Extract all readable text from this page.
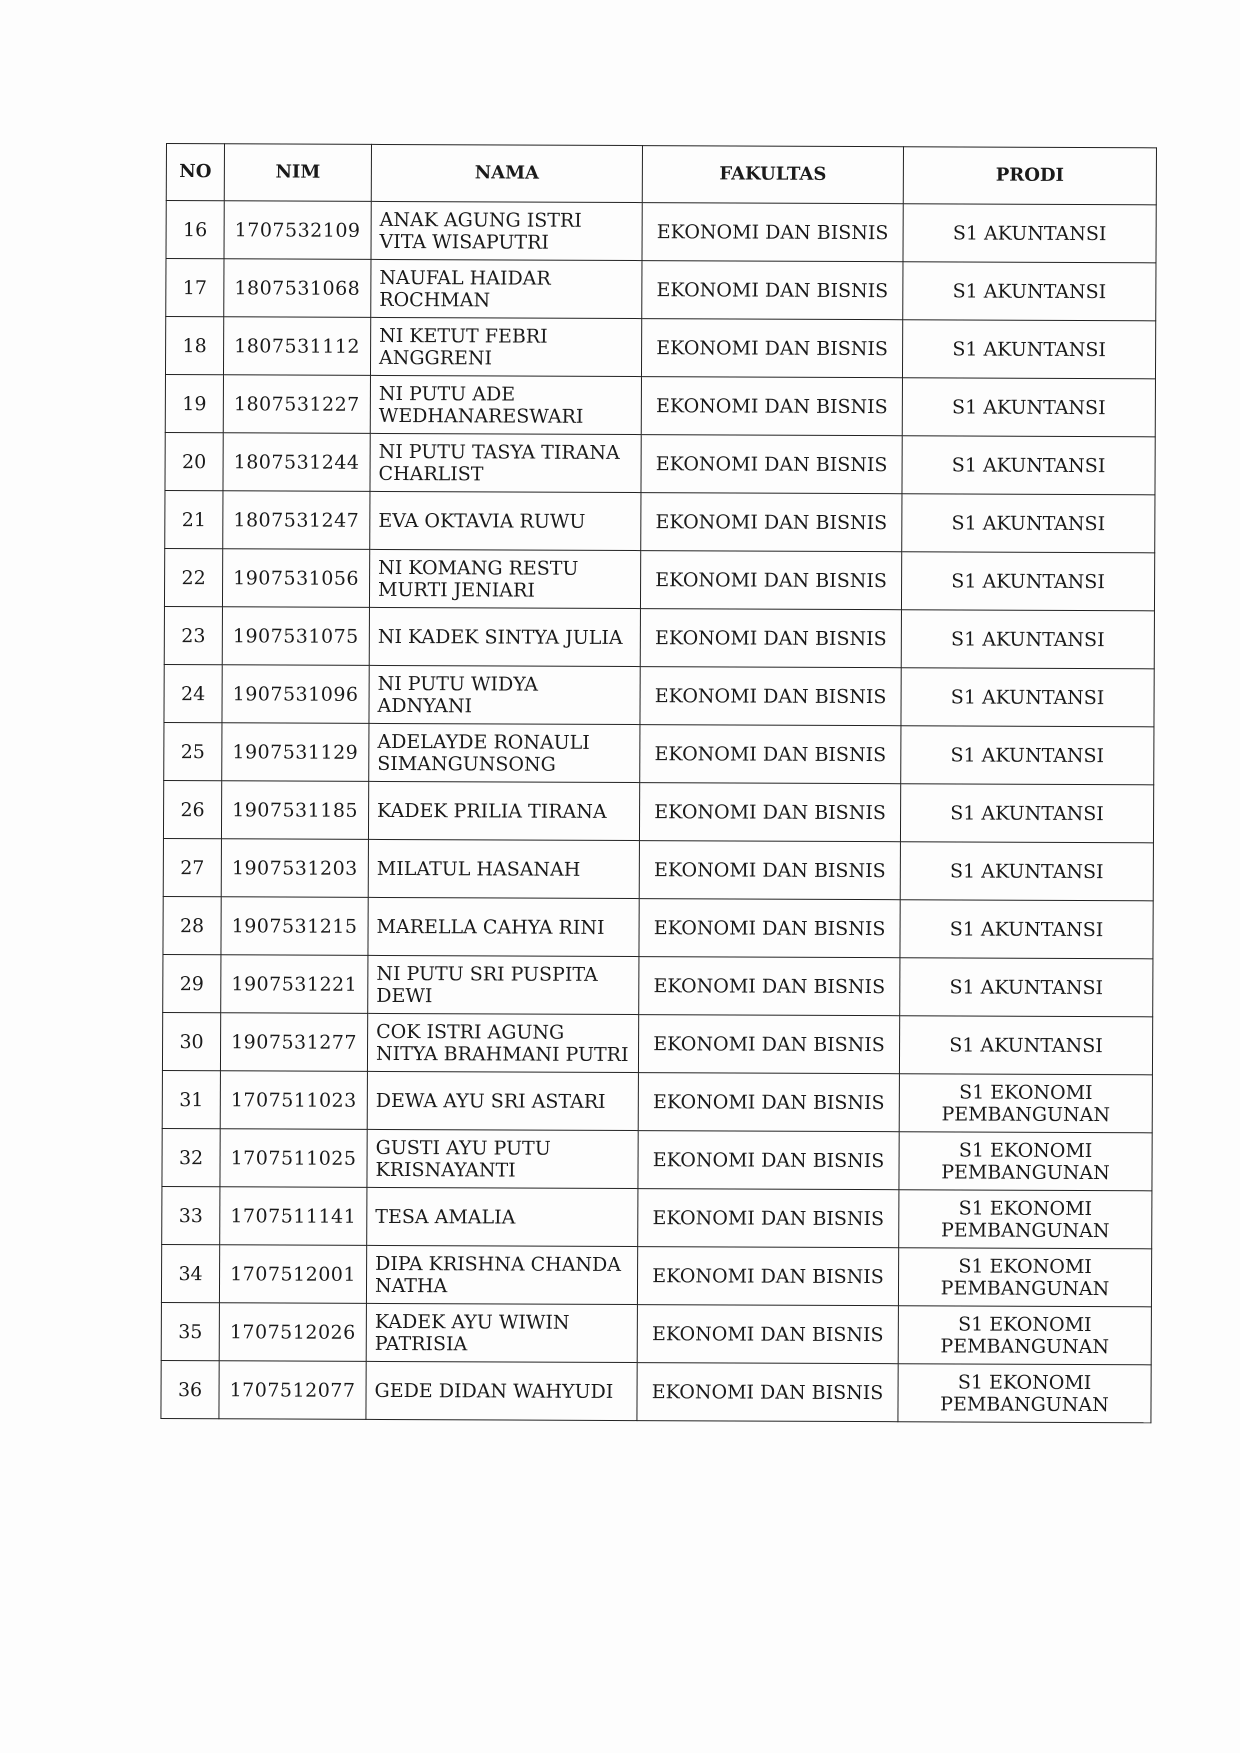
NO	NIM	NAMA	FAKULTAS	PRODI
16	1707532109	ANAK AGUNG ISTRI VITA WISAPUTRI	EKONOMI DAN BISNIS	S1 AKUNTANSI
17	1807531068	NAUFAL HAIDAR ROCHMAN	EKONOMI DAN BISNIS	S1 AKUNTANSI
18	1807531112	NI KETUT FEBRI ANGGRENI	EKONOMI DAN BISNIS	S1 AKUNTANSI
19	1807531227	NI PUTU ADE WEDHANARESWARI	EKONOMI DAN BISNIS	S1 AKUNTANSI
20	1807531244	NI PUTU TASYA TIRANA CHARLIST	EKONOMI DAN BISNIS	S1 AKUNTANSI
21	1807531247	EVA OKTAVIA RUWU	EKONOMI DAN BISNIS	S1 AKUNTANSI
22	1907531056	NI KOMANG RESTU MURTI JENIARI	EKONOMI DAN BISNIS	S1 AKUNTANSI
23	1907531075	NI KADEK SINTYA JULIA	EKONOMI DAN BISNIS	S1 AKUNTANSI
24	1907531096	NI PUTU WIDYA ADNYANI	EKONOMI DAN BISNIS	S1 AKUNTANSI
25	1907531129	ADELAYDE RONAULI SIMANGUNSONG	EKONOMI DAN BISNIS	S1 AKUNTANSI
26	1907531185	KADEK PRILIA TIRANA	EKONOMI DAN BISNIS	S1 AKUNTANSI
27	1907531203	MILATUL HASANAH	EKONOMI DAN BISNIS	S1 AKUNTANSI
28	1907531215	MARELLA CAHYA RINI	EKONOMI DAN BISNIS	S1 AKUNTANSI
29	1907531221	NI PUTU SRI PUSPITA DEWI	EKONOMI DAN BISNIS	S1 AKUNTANSI
30	1907531277	COK ISTRI AGUNG NITYA BRAHMANI PUTRI	EKONOMI DAN BISNIS	S1 AKUNTANSI
31	1707511023	DEWA AYU SRI ASTARI	EKONOMI DAN BISNIS	S1 EKONOMI PEMBANGUNAN
32	1707511025	GUSTI AYU PUTU KRISNAYANTI	EKONOMI DAN BISNIS	S1 EKONOMI PEMBANGUNAN
33	1707511141	TESA AMALIA	EKONOMI DAN BISNIS	S1 EKONOMI PEMBANGUNAN
34	1707512001	DIPA KRISHNA CHANDA NATHA	EKONOMI DAN BISNIS	S1 EKONOMI PEMBANGUNAN
35	1707512026	KADEK AYU WIWIN PATRISIA	EKONOMI DAN BISNIS	S1 EKONOMI PEMBANGUNAN
36	1707512077	GEDE DIDAN WAHYUDI	EKONOMI DAN BISNIS	S1 EKONOMI PEMBANGUNAN
